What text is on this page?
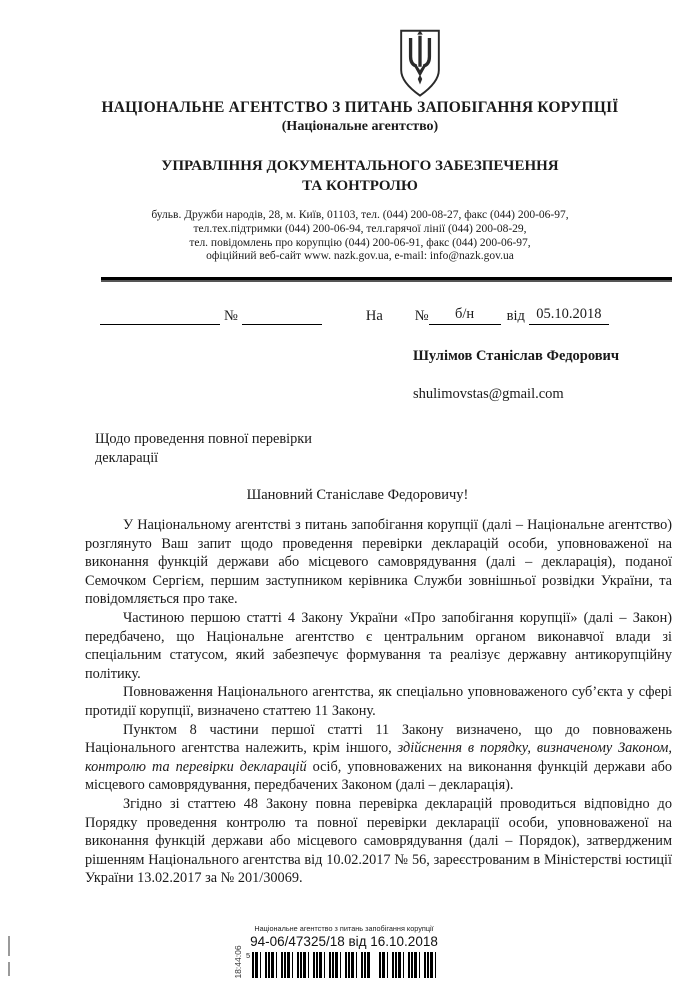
НАЦІОНАЛЬНЕ АГЕНТСТВО З ПИТАНЬ ЗАПОБІГАННЯ КОРУПЦІЇ
(Національне агентство)
УПРАВЛІННЯ ДОКУМЕНТАЛЬНОГО ЗАБЕЗПЕЧЕННЯ
ТА КОНТРОЛЮ
бульв. Дружби народів, 28, м. Київ, 01103, тел. (044) 200-08-27, факс (044) 200-06-97,
тел.тех.підтримки (044) 200-06-94, тел.гарячої лінії (044) 200-08-29,
тел. повідомлень про корупцію (044) 200-06-91, факс (044) 200-06-97,
офіційний веб-сайт www. nazk.gov.ua, e-mail: info@nazk.gov.ua
№	На №	б/н	від 05.10.2018
Шулімов Станіслав Федорович
shulimovstas@gmail.com
Щодо проведення повної перевірки декларації
Шановний Станіславе Федоровичу!

У Національному агентстві з питань запобігання корупції (далі – Національне агентство) розглянуто Ваш запит щодо проведення перевірки декларацій особи, уповноваженої на виконання функцій держави або місцевого самоврядування (далі – декларація), поданої Семочком Сергієм, першим заступником керівника Служби зовнішньої розвідки України, та повідомляється про таке.

Частиною першою статті 4 Закону України «Про запобігання корупції» (далі – Закон) передбачено, що Національне агентство є центральним органом виконавчої влади зі спеціальним статусом, який забезпечує формування та реалізує державну антикорупційну політику.

Повноваження Національного агентства, як спеціально уповноваженого суб’єкта у сфері протидії корупції, визначено статтею 11 Закону.

Пунктом 8 частини першої статті 11 Закону визначено, що до повноважень Національного агентства належить, крім іншого, здійснення в порядку, визначеному Законом, контролю та перевірки декларацій осіб, уповноважених на виконання функцій держави або місцевого самоврядування, передбачених Законом (далі – декларація).

Згідно зі статтею 48 Закону повна перевірка декларацій проводиться відповідно до Порядку проведення контролю та повної перевірки декларації особи, уповноваженої на виконання функцій держави або місцевого самоврядування (далі – Порядок), затвердженим рішенням Національного агентства від 10.02.2017 № 56, зареєстрованим в Міністерстві юстиції України 13.02.2017 за № 201/30069.

Національне агентство з питань запобігання корупції
94-06/47325/18 від 16.10.2018
18:44:06 5
